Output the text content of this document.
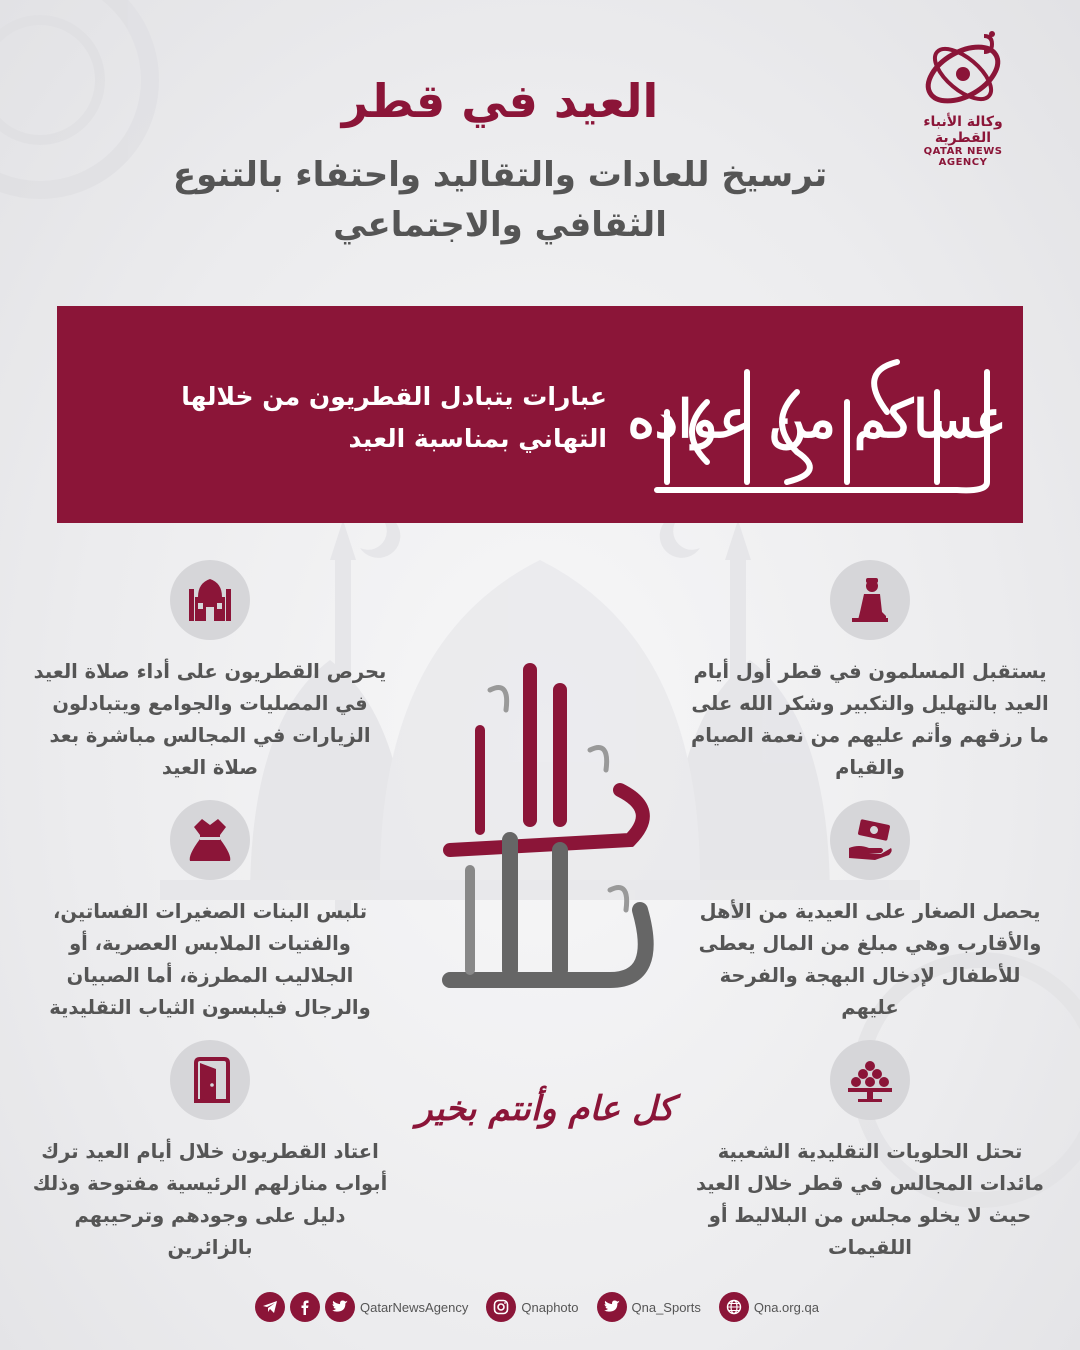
وكالة الأنباء القطرية
QATAR NEWS AGENCY
العيد في قطر
ترسيخ للعادات والتقاليد واحتفاء بالتنوع الثقافي والاجتماعي
عبارات يتبادل القطريون من خلالها التهاني بمناسبة العيد عساكم من عواده
يستقبل المسلمون في قطر أول أيام العيد بالتهليل والتكبير وشكر الله على ما رزقهم وأتم عليهم من نعمة الصيام والقيام
يحرص القطريون على أداء صلاة العيد في المصليات والجوامع ويتبادلون الزيارات في المجالس مباشرة بعد صلاة العيد
يحصل الصغار على العيدية من الأهل والأقارب وهي مبلغ من المال يعطى للأطفال لإدخال البهجة والفرحة عليهم
تلبس البنات الصغيرات الفساتين، والفتيات الملابس العصرية، أو الجلاليب المطرزة، أما الصبيان والرجال فيلبسون الثياب التقليدية
تحتل الحلويات التقليدية الشعبية مائدات المجالس في قطر خلال العيد حيث لا يخلو مجلس من البلاليط أو اللقيمات
اعتاد القطريون خلال أيام العيد ترك أبواب منازلهم الرئيسية مفتوحة وذلك دليل على وجودهم وترحيبهم بالزائرين
عيد مبارك
كل عام وأنتم بخير
QatarNewsAgency	Qnaphoto	Qna_Sports	Qna.org.qa
